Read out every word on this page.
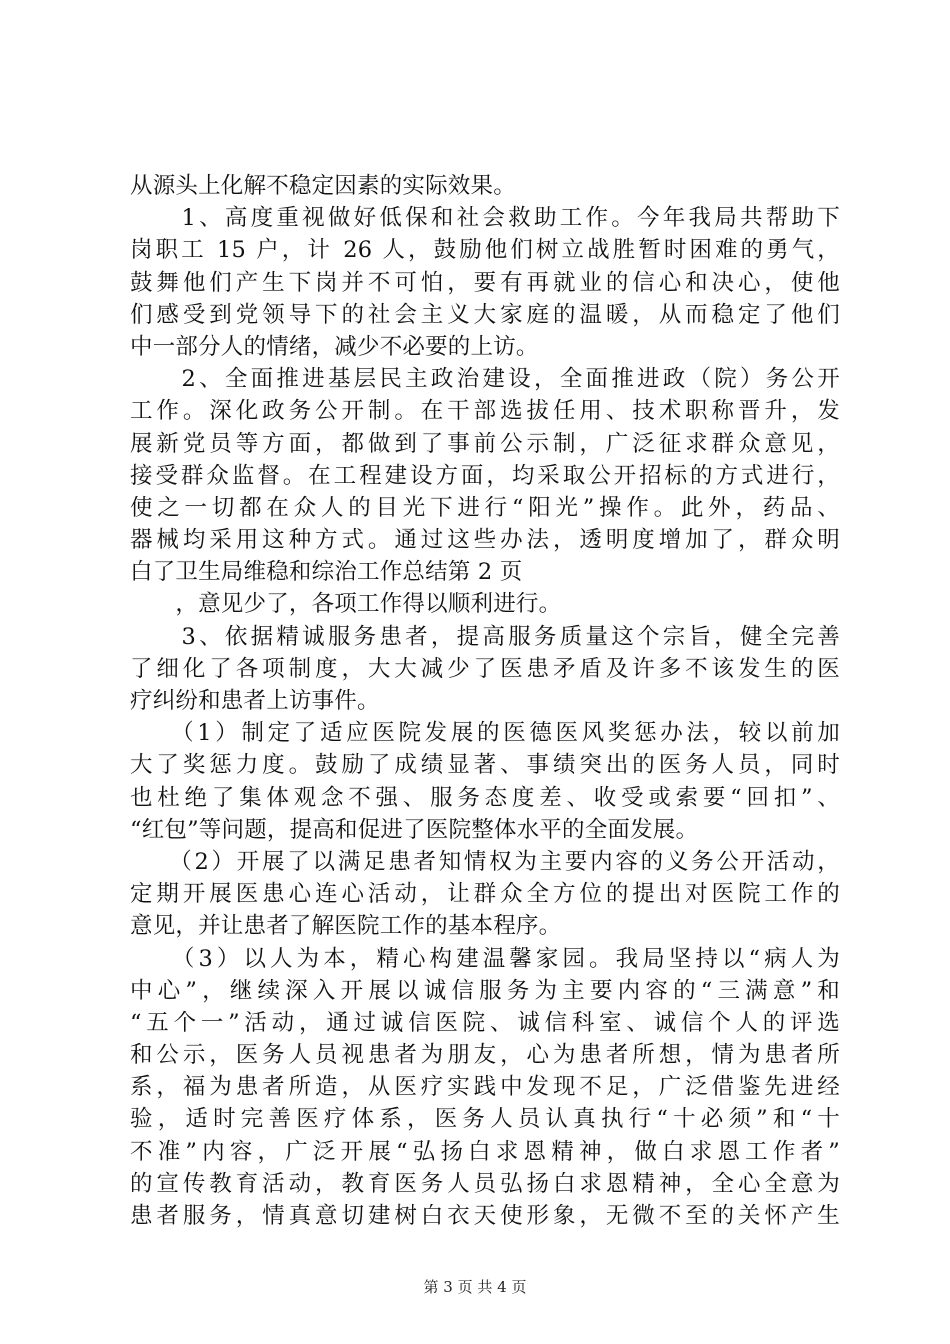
从源头上化解不稳定因素的实际效果。
　　1、高度重视做好低保和社会救助工作。今年我局共帮助下
岗职工 15 户，计 26 人，鼓励他们树立战胜暂时困难的勇气，
鼓舞他们产生下岗并不可怕，要有再就业的信心和决心，使他
们感受到党领导下的社会主义大家庭的温暖，从而稳定了他们
中一部分人的情绪，减少不必要的上访。
　　2、全面推进基层民主政治建设，全面推进政（院）务公开
工作。深化政务公开制。在干部选拔任用、技术职称晋升，发
展新党员等方面，都做到了事前公示制，广泛征求群众意见，
接受群众监督。在工程建设方面，均采取公开招标的方式进行，
使之一切都在众人的目光下进行“阳光”操作。此外，药品、
器械均采用这种方式。通过这些办法，透明度增加了，群众明
白了卫生局维稳和综治工作总结第 2 页
　　，意见少了，各项工作得以顺利进行。
　　3、依据精诚服务患者，提高服务质量这个宗旨，健全完善
了细化了各项制度，大大减少了医患矛盾及许多不该发生的医
疗纠纷和患者上访事件。
　　（1）制定了适应医院发展的医德医风奖惩办法，较以前加
大了奖惩力度。鼓励了成绩显著、事绩突出的医务人员，同时
也杜绝了集体观念不强、服务态度差、收受或索要“回扣”、
“红包”等问题，提高和促进了医院整体水平的全面发展。
　　（2）开展了以满足患者知情权为主要内容的义务公开活动，
定期开展医患心连心活动，让群众全方位的提出对医院工作的
意见，并让患者了解医院工作的基本程序。
　　（3）以人为本，精心构建温馨家园。我局坚持以“病人为
中心”，继续深入开展以诚信服务为主要内容的“三满意”和
“五个一”活动，通过诚信医院、诚信科室、诚信个人的评选
和公示，医务人员视患者为朋友，心为患者所想，情为患者所
系，福为患者所造，从医疗实践中发现不足，广泛借鉴先进经
验，适时完善医疗体系，医务人员认真执行“十必须”和“十
不准”内容，广泛开展“弘扬白求恩精神，做白求恩工作者”
的宣传教育活动，教育医务人员弘扬白求恩精神，全心全意为
患者服务，情真意切建树白衣天使形象，无微不至的关怀产生
第 3 页 共 4 页
